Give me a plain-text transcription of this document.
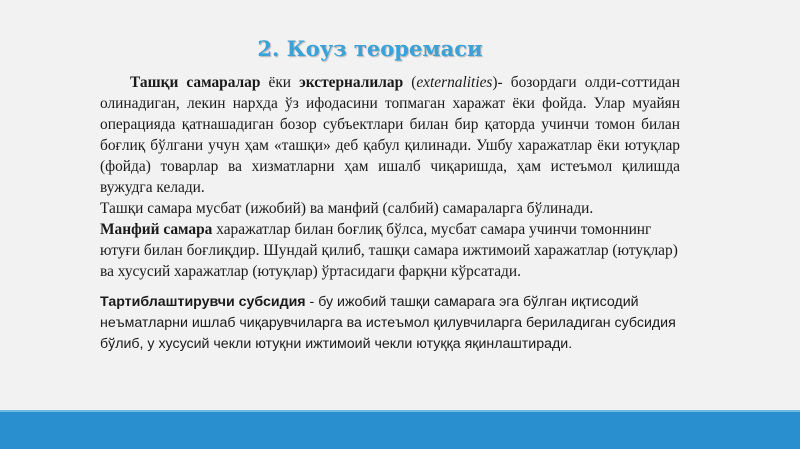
2. Коуз теоремаси

Ташқи самаралар ёки экстерналилар (externalities)- бозордаги олди-соттидан олинадиган, лекин нархда ўз ифодасини топмаган харажат ёки фойда. Улар муайян операцияда қатнашадиган бозор субъектлари билан бир қаторда учинчи томон билан боғлиқ бўлгани учун ҳам «ташқи» деб қабул қилинади. Ушбу харажатлар ёки ютуқлар (фойда) товарлар ва хизматларни ҳам ишалб чиқаришда, ҳам истеъмол қилишда вужудга келади.

Ташқи самара мусбат (ижобий) ва манфий (салбий) самараларга бўлинади.

Манфий самара харажатлар билан боғлиқ бўлса, мусбат самара учинчи томоннинг ютуғи билан боғлиқдир. Шундай қилиб, ташқи самара ижтимоий харажатлар (ютуқлар) ва хусусий харажатлар (ютуқлар) ўртасидаги фарқни кўрсатади.

Тартиблаштирувчи субсидия - бу ижобий ташқи самарага эга бўлган иқтисодий неъматларни ишлаб чиқарувчиларга ва истеъмол қилувчиларга бериладиган субсидия бўлиб, у хусусий чекли ютуқни ижтимоий чекли ютуққа яқинлаштиради.
